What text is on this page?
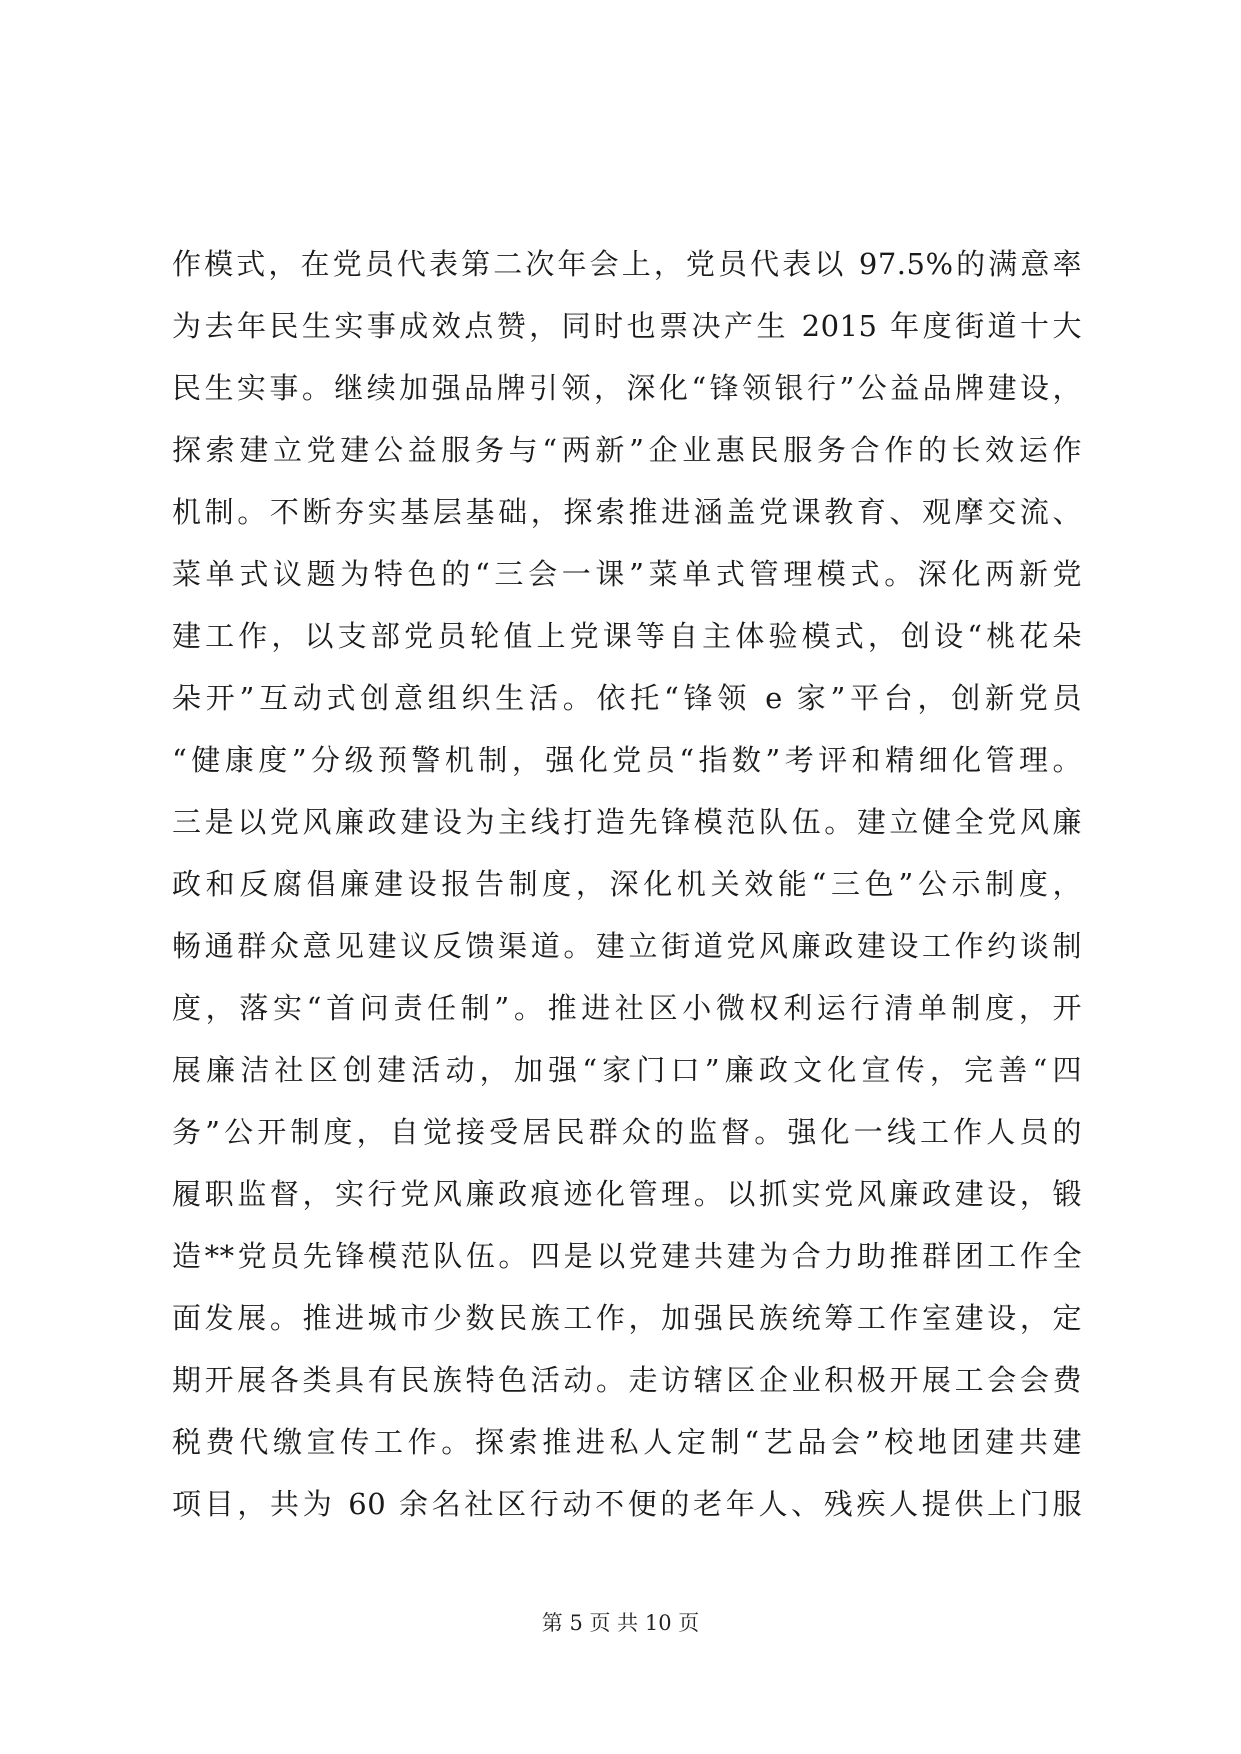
作模式，在党员代表第二次年会上，党员代表以 97.5%的满意率
为去年民生实事成效点赞，同时也票决产生 2015 年度街道十大
民生实事。继续加强品牌引领，深化“锋领银行”公益品牌建设，
探索建立党建公益服务与“两新”企业惠民服务合作的长效运作
机制。不断夯实基层基础，探索推进涵盖党课教育、观摩交流、
菜单式议题为特色的“三会一课”菜单式管理模式。深化两新党
建工作，以支部党员轮值上党课等自主体验模式，创设“桃花朵
朵开”互动式创意组织生活。依托“锋领 e 家”平台，创新党员
“健康度”分级预警机制，强化党员“指数”考评和精细化管理。
三是以党风廉政建设为主线打造先锋模范队伍。建立健全党风廉
政和反腐倡廉建设报告制度，深化机关效能“三色”公示制度，
畅通群众意见建议反馈渠道。建立街道党风廉政建设工作约谈制
度，落实“首问责任制”。推进社区小微权利运行清单制度，开
展廉洁社区创建活动，加强“家门口”廉政文化宣传，完善“四
务”公开制度，自觉接受居民群众的监督。强化一线工作人员的
履职监督，实行党风廉政痕迹化管理。以抓实党风廉政建设，锻
造**党员先锋模范队伍。四是以党建共建为合力助推群团工作全
面发展。推进城市少数民族工作，加强民族统筹工作室建设，定
期开展各类具有民族特色活动。走访辖区企业积极开展工会会费
税费代缴宣传工作。探索推进私人定制“艺品会”校地团建共建
项目，共为 60 余名社区行动不便的老年人、残疾人提供上门服
第 5 页 共 10 页
